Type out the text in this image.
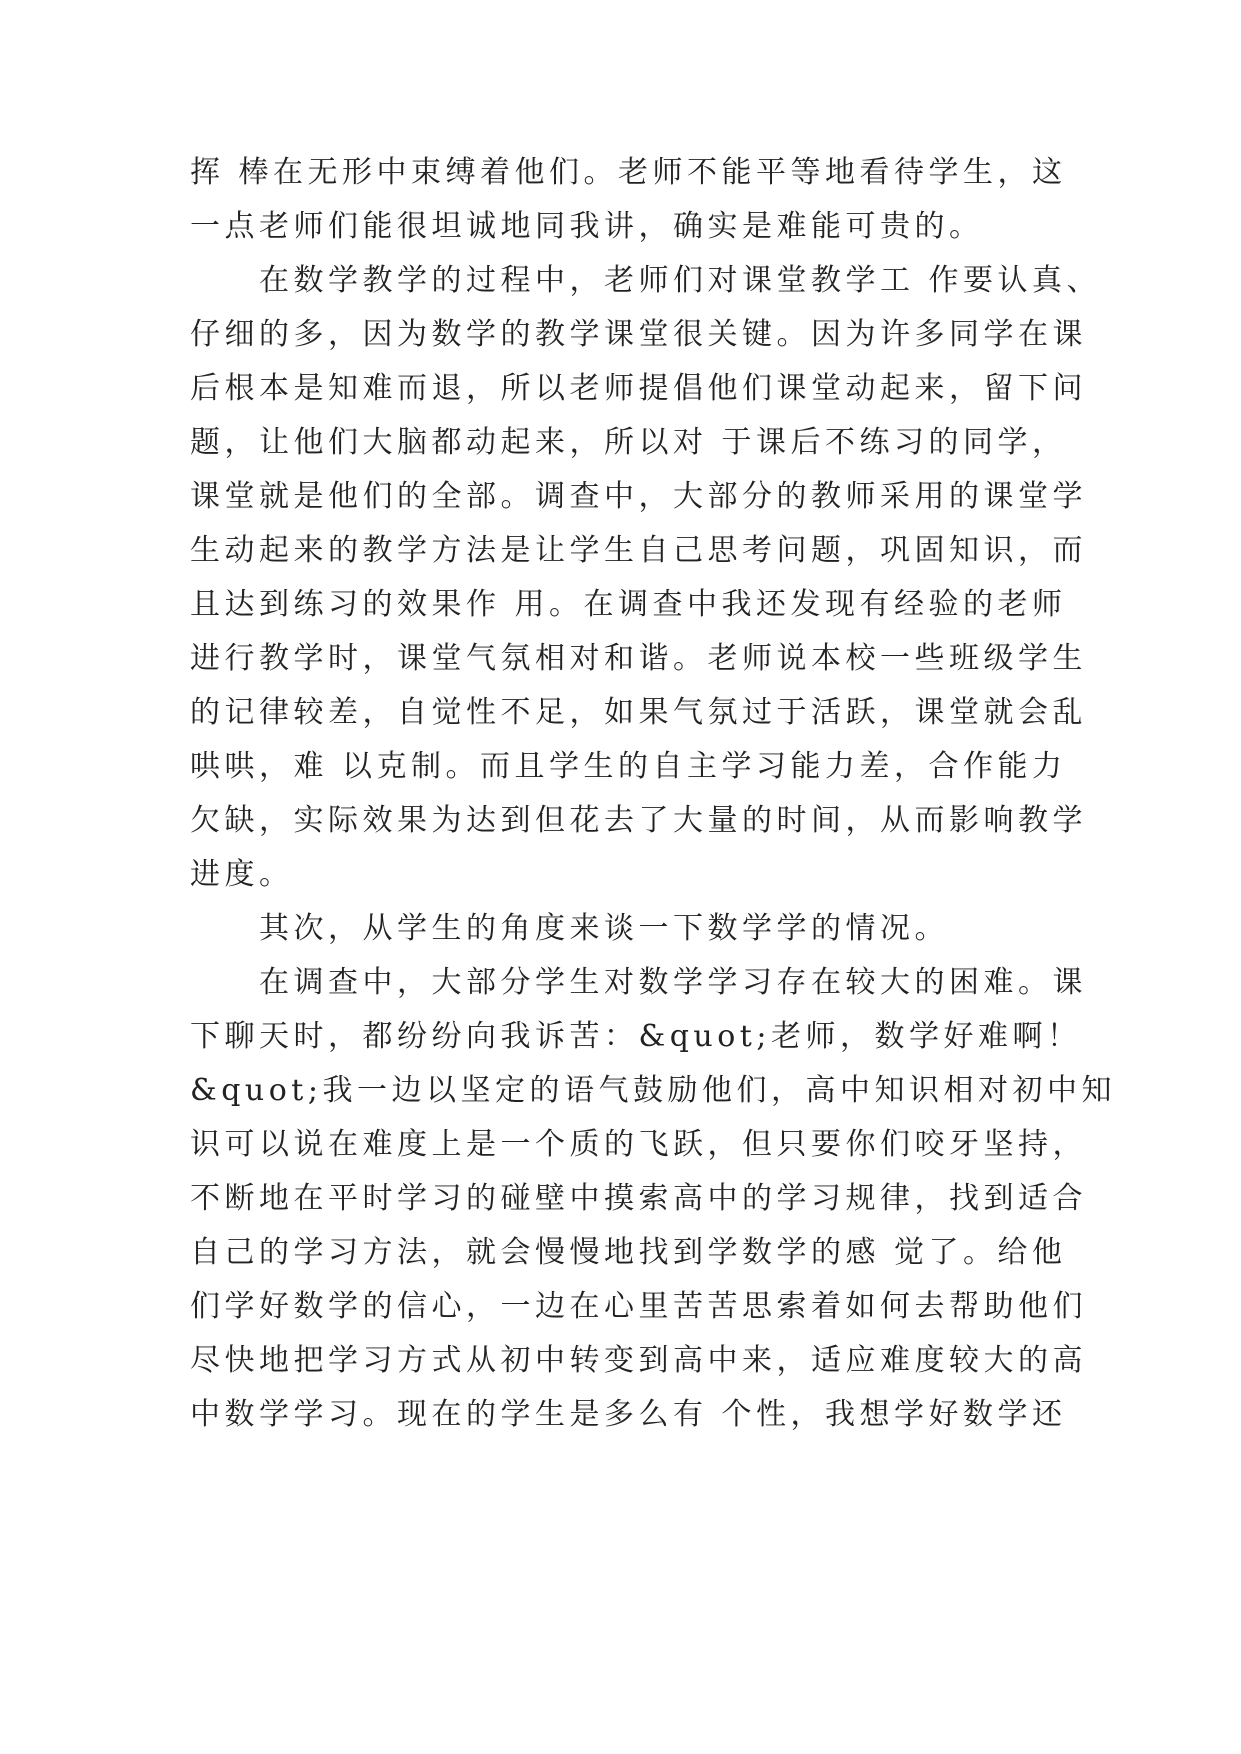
挥 棒在无形中束缚着他们。老师不能平等地看待学生，这
一点老师们能很坦诚地同我讲，确实是难能可贵的。
　　在数学教学的过程中，老师们对课堂教学工 作要认真、
仔细的多，因为数学的教学课堂很关键。因为许多同学在课
后根本是知难而退，所以老师提倡他们课堂动起来，留下问
题，让他们大脑都动起来，所以对 于课后不练习的同学，
课堂就是他们的全部。调查中，大部分的教师采用的课堂学
生动起来的教学方法是让学生自己思考问题，巩固知识，而
且达到练习的效果作 用。在调查中我还发现有经验的老师
进行教学时，课堂气氛相对和谐。老师说本校一些班级学生
的记律较差，自觉性不足，如果气氛过于活跃，课堂就会乱
哄哄，难 以克制。而且学生的自主学习能力差，合作能力
欠缺，实际效果为达到但花去了大量的时间，从而影响教学
进度。
　　其次，从学生的角度来谈一下数学学的情况。
　　在调查中，大部分学生对数学学习存在较大的困难。课
下聊天时，都纷纷向我诉苦：&quot;老师，数学好难啊！
&quot;我一边以坚定的语气鼓励他们，高中知识相对初中知
识可以说在难度上是一个质的飞跃，但只要你们咬牙坚持，
不断地在平时学习的碰壁中摸索高中的学习规律，找到适合
自己的学习方法，就会慢慢地找到学数学的感 觉了。给他
们学好数学的信心，一边在心里苦苦思索着如何去帮助他们
尽快地把学习方式从初中转变到高中来，适应难度较大的高
中数学学习。现在的学生是多么有 个性，我想学好数学还
